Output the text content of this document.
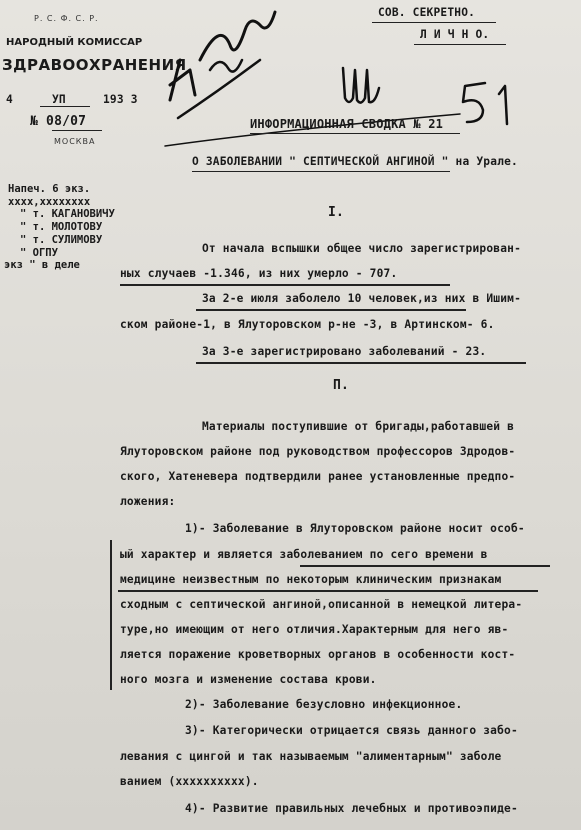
Р. С. Ф. С. Р.
НАРОДНЫЙ КОМИССАР
ЗДРАВООХРАНЕНИЯ
4	УП	193 3
№ 08/07
МОСКВА
СОВ. СЕКРЕТНО.
Л И Ч Н О.
Напеч. 6 экз.
хххх,хххххххх
" т. КАГАНОВИЧУ
" т. МОЛОТОВУ
" т. СУЛИМОВУ
" ОГПУ
экз " в деле
ИНФОРМАЦИОННАЯ СВОДКА № 21
О ЗАБОЛЕВАНИИ " СЕПТИЧЕСКОЙ АНГИНОЙ " на Урале.
I.
От начала вспышки общее число зарегистрирован-
ных случаев -1.346, из них умерло - 707.
За 2-е июля заболело 10 человек,из них в Ишим-
ском районе-1, в Ялуторовском р-не -3, в Артинском- 6.
За 3-е зарегистрировано заболеваний - 23.
П.
Материалы поступившие от бригады,работавшей в
Ялуторовском районе под руководством профессоров Здродов-
ского, Хатеневера подтвердили ранее установленные предпо-
ложения:
1)- Заболевание в Ялуторовском районе носит особ-
ый характер и является заболеванием по сего времени в
медицине неизвестным по некоторым клиническим признакам
сходным с септической ангиной,описанной в немецкой литера-
туре,но имеющим от него отличия.Характерным для него яв-
ляется поражение кроветворных органов в особенности кост-
ного мозга и изменение состава крови.
2)- Заболевание безусловно инфекционное.
3)- Категорически отрицается связь данного забо-
левания с цингой и так называемым "алиментарным" заболе
ванием (хххххххххх).
4)- Развитие правильных лечебных и противоэпиде-
